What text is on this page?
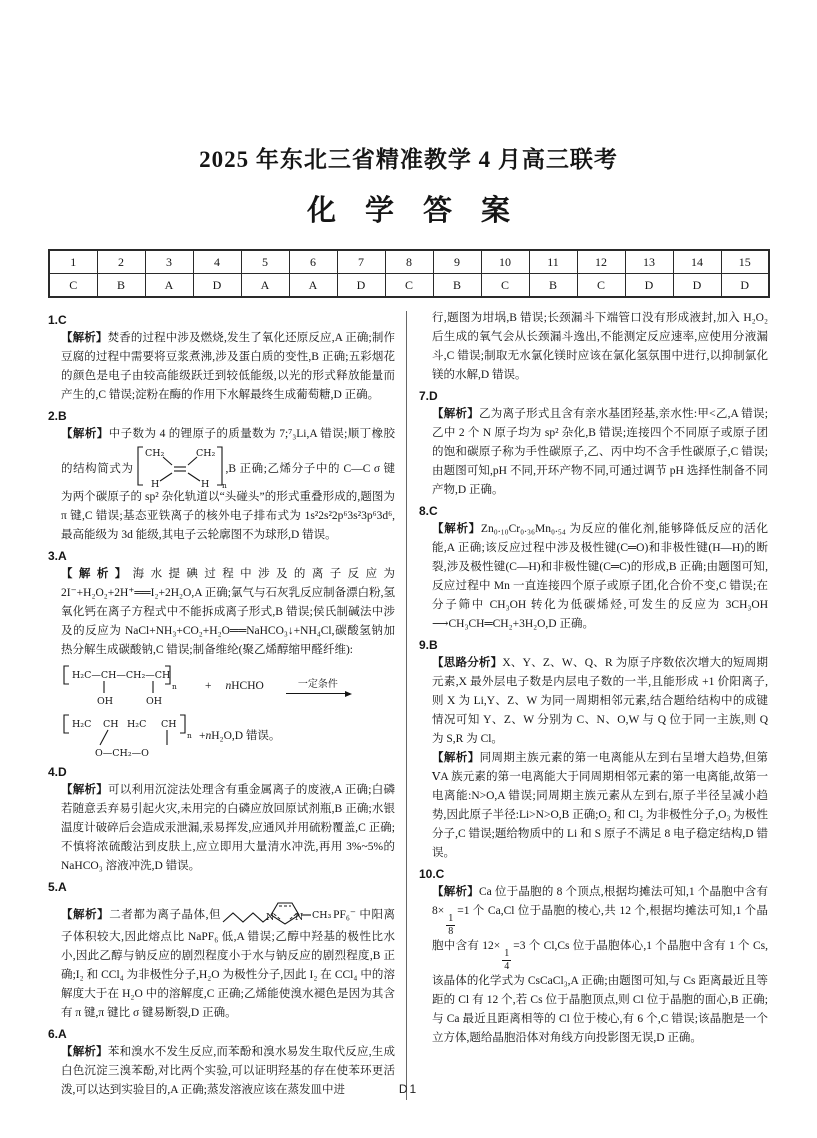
2025 年东北三省精准教学 4 月高三联考
化　学　答　案
1	2	3	4	5	6	7	8	9	10	11	12	13	14	15
C	B	A	D	A	A	D	C	B	C	B	C	D	D	D
1.C

【解析】焚香的过程中涉及燃烧,发生了氧化还原反应,A 正确;制作豆腐的过程中需要将豆浆煮沸,涉及蛋白质的变性,B 正确;五彩烟花的颜色是电子由较高能级跃迁到较低能级,以光的形式释放能量而产生的,C 错误;淀粉在酶的作用下水解最终生成葡萄糖,D 正确。

2.B

【解析】中子数为 4 的锂原子的质量数为 7;⁷₃Li,A 错误;顺丁橡胶的结构简式为
CH₂
H
CH₂
H n
,B 正确;乙烯分子中的 C—C σ 键为两个碳原子的 sp² 杂化轨道以“头碰头”的形式重叠形成的,题图为 π 键,C 错误;基态亚铁离子的核外电子排布式为 1s²2s²2p⁶3s²3p⁶3d⁶,最高能级为 3d 能级,其电子云轮廓图不为球形,D 错误。

3.A

【解析】海水提碘过程中涉及的离子反应为 2I⁻+H₂O₂+2H⁺══I₂+2H₂O,A 正确;氯气与石灰乳反应制备漂白粉,氢氧化钙在离子方程式中不能拆成离子形式,B 错误;侯氏制碱法中涉及的反应为 NaCl+NH₃+CO₂+H₂O══NaHCO₃↓+NH₄Cl,碳酸氢钠加热分解生成碳酸钠,C 错误;制备维纶(聚乙烯醇缩甲醛纤维):

H₂C—CH—CH₂—CH
OH	OH
n + nHCHO	一定条件
H₂C CH H₂C CH
O—CH₂—O
n +nH₂O,D 错误。
4.D

【解析】可以利用沉淀法处理含有重金属离子的废液,A 正确;白磷若随意丢弃易引起火灾,未用完的白磷应放回原试剂瓶,B 正确;水银温度计破碎后会造成汞泄漏,汞易挥发,应通风并用硫粉覆盖,C 正确;不慎将浓硫酸沾到皮肤上,应立即用大量清水冲洗,再用 3%~5%的 NaHCO₃ 溶液冲洗,D 错误。

5.A

【解析】二者都为离子晶体,但	N N CH₃ PF₆⁻ 中阳离子体积较大,因此熔点比 NaPF₆ 低,A 错误;乙醇中羟基的极性比水小,因此乙醇与钠反应的剧烈程度小于水与钠反应的剧烈程度,B 正确;I₂ 和 CCl₄ 为非极性分子,H₂O 为极性分子,因此 I₂ 在 CCl₄ 中的溶解度大于在 H₂O 中的溶解度,C 正确;乙烯能使溴水褪色是因为其含有 π 键,π 键比 σ 键易断裂,D 正确。

6.A

【解析】苯和溴水不发生反应,而苯酚和溴水易发生取代反应,生成白色沉淀三溴苯酚,对比两个实验,可以证明羟基的存在使苯环更活泼,可以达到实验目的,A 正确;蒸发溶液应该在蒸发皿中进

行,题图为坩埚,B 错误;长颈漏斗下端管口没有形成液封,加入 H₂O₂ 后生成的氧气会从长颈漏斗逸出,不能测定反应速率,应使用分液漏斗,C 错误;制取无水氯化镁时应该在氯化氢氛围中进行,以抑制氯化镁的水解,D 错误。

7.D

【解析】乙为离子形式且含有亲水基团羟基,亲水性:甲<乙,A 错误;乙中 2 个 N 原子均为 sp² 杂化,B 错误;连接四个不同原子或原子团的饱和碳原子称为手性碳原子,乙、丙中均不含手性碳原子,C 错误;由题图可知,pH 不同,开环产物不同,可通过调节 pH 选择性制备不同产物,D 正确。

8.C

【解析】Zn₀.₁₀Cr₀.₃₆Mn₀.₅₄ 为反应的催化剂,能够降低反应的活化能,A 正确;该反应过程中涉及极性键(C═O)和非极性键(H—H)的断裂,涉及极性键(C—H)和非极性键(C═C)的形成,B 正确;由题图可知,反应过程中 Mn 一直连接四个原子或原子团,化合价不变,C 错误;在分子筛中 CH₃OH 转化为低碳烯烃,可发生的反应为 3CH₃OH ⟶CH₃CH═CH₂+3H₂O,D 正确。

9.B

【思路分析】X、Y、Z、W、Q、R 为原子序数依次增大的短周期元素,X 最外层电子数是内层电子数的一半,且能形成 +1 价阳离子,则 X 为 Li,Y、Z、W 为同一周期相邻元素,结合题给结构中的成键情况可知 Y、Z、W 分别为 C、N、O,W 与 Q 位于同一主族,则 Q 为 S,R 为 Cl。

【解析】同周期主族元素的第一电离能从左到右呈增大趋势,但第ⅤA 族元素的第一电离能大于同周期相邻元素的第一电离能,故第一电离能:N>O,A 错误;同周期主族元素从左到右,原子半径呈减小趋势,因此原子半径:Li>N>O,B 正确;O₂ 和 Cl₂ 为非极性分子,O₃ 为极性分子,C 错误;题给物质中的 Li 和 S 原子不满足 8 电子稳定结构,D 错误。

10.C

【解析】Ca 位于晶胞的 8 个顶点,根据均摊法可知,1 个晶胞中含有 8×
$\frac{1}{8}$
=1 个 Ca,Cl 位于晶胞的棱心,共 12 个,根据均摊法可知,1 个晶胞中含有 12×
$\frac{1}{4}$
=3 个 Cl,Cs 位于晶胞体心,1 个晶胞中含有 1 个 Cs,该晶体的化学式为 CsCaCl₃,A 正确;由题图可知,与 Cs 距离最近且等距的 Cl 有 12 个,若 Cs 位于晶胞顶点,则 Cl 位于晶胞的面心,B 正确;与 Ca 最近且距离相等的 Cl 位于棱心,有 6 个,C 错误;该晶胞是一个立方体,题给晶胞沿体对角线方向投影图无误,D 正确。

D1
